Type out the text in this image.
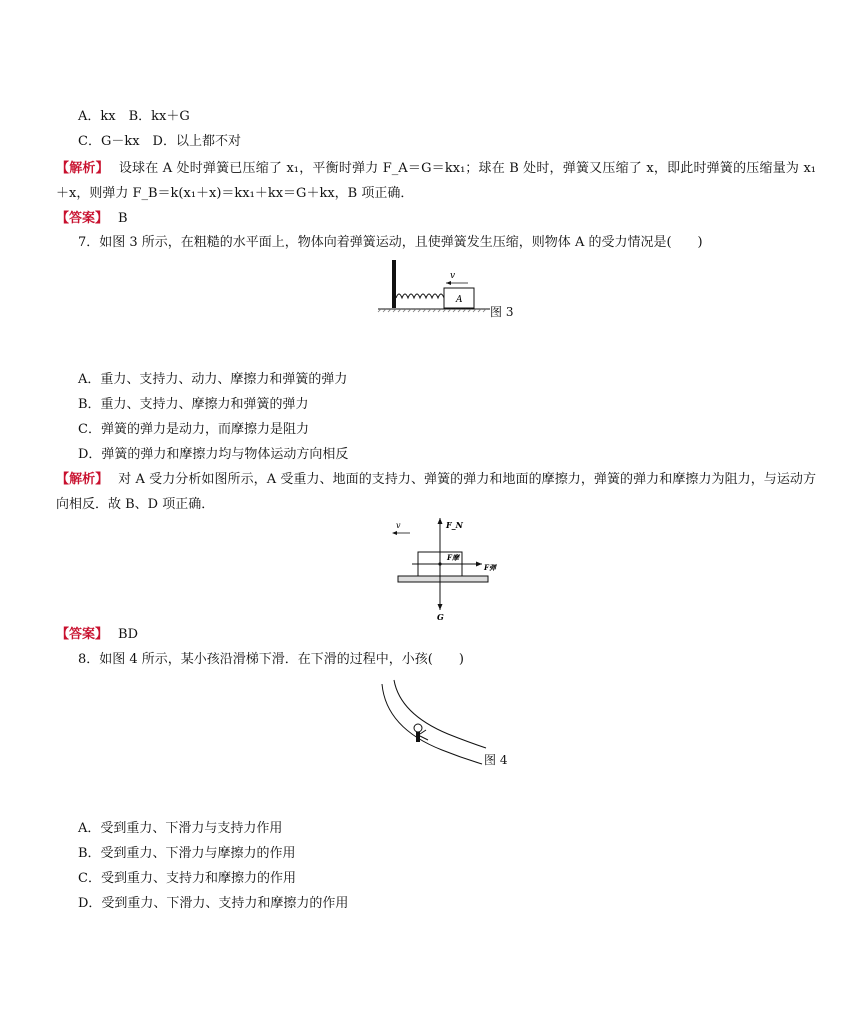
A．kx　B．kx＋G
C．G－kx　D．以上都不对
【解析】 设球在 A 处时弹簧已压缩了 x₁，平衡时弹力 F_A＝G＝kx₁；球在 B 处时，弹簧又压缩了 x，即此时弹簧的压缩量为 x₁＋x，则弹力 F_B＝k(x₁＋x)＝kx₁＋kx＝G＋kx，B 项正确．
【答案】 B
7．如图 3 所示，在粗糙的水平面上，物体向着弹簧运动，且使弹簧发生压缩，则物体 A 的受力情况是(　　)
A
v
图 3
A．重力、支持力、动力、摩擦力和弹簧的弹力
B．重力、支持力、摩擦力和弹簧的弹力
C．弹簧的弹力是动力，而摩擦力是阻力
D．弹簧的弹力和摩擦力均与物体运动方向相反
【解析】 对 A 受力分析如图所示，A 受重力、地面的支持力、弹簧的弹力和地面的摩擦力，弹簧的弹力和摩擦力为阻力，与运动方向相反．故 B、D 项正确．
v	F_N
F摩
F弹
G
【答案】 BD
8．如图 4 所示，某小孩沿滑梯下滑．在下滑的过程中，小孩(　　)
图 4
A．受到重力、下滑力与支持力作用
B．受到重力、下滑力与摩擦力的作用
C．受到重力、支持力和摩擦力的作用
D．受到重力、下滑力、支持力和摩擦力的作用
